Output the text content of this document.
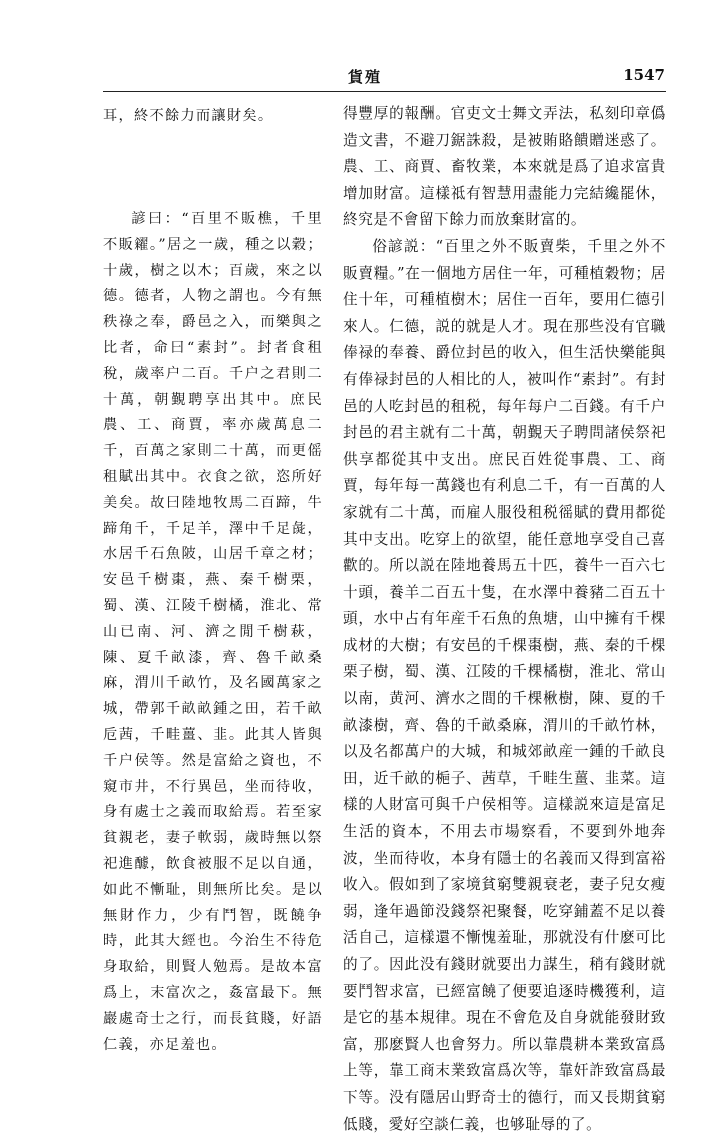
貨殖	1547

耳，終不餘力而讓財矣。

諺曰：“百里不販樵，千里不販糴。”居之一歲，種之以穀；十歲，樹之以木；百歲，來之以德。德者，人物之謂也。今有無秩祿之奉，爵邑之入，而樂與之比者，命曰“素封”。封者食租稅，歲率户二百。千户之君則二十萬，朝覲聘享出其中。庶民農、工、商賈，率亦歲萬息二千，百萬之家則二十萬，而更傜租賦出其中。衣食之欲，恣所好美矣。故曰陸地牧馬二百蹄，牛蹄角千，千足羊，澤中千足彘，水居千石魚陂，山居千章之材；安邑千樹棗，燕、秦千樹栗，蜀、漢、江陵千樹橘，淮北、常山已南、河、濟之閒千樹萩，陳、夏千畝漆，齊、魯千畝桑麻，渭川千畝竹，及名國萬家之城，帶郭千畝畝鍾之田，若千畝卮茜，千畦薑、韭。此其人皆與千户侯等。然是富給之資也，不窺市井，不行異邑，坐而待收，身有處士之義而取給焉。若至家貧親老，妻子軟弱，歲時無以祭祀進醵，飲食被服不足以自通，如此不慚耻，則無所比矣。是以無財作力，少有鬥智，既饒争時，此其大經也。今治生不待危身取給，則賢人勉焉。是故本富爲上，末富次之，姦富最下。無巖處奇士之行，而長貧賤，好語仁義，亦足羞也。

得豐厚的報酬。官吏文士舞文弄法，私刻印章僞造文書，不避刀鋸誅殺，是被賄賂饋贈迷惑了。農、工、商賈、畜牧業，本來就是爲了追求富貴增加財富。這樣祗有智慧用盡能力完結纔罷休，終究是不會留下餘力而放棄財富的。

俗諺説：“百里之外不販賣柴，千里之外不販賣糧。”在一個地方居住一年，可種植穀物；居住十年，可種植樹木；居住一百年，要用仁德引來人。仁德，説的就是人才。現在那些没有官職俸禄的奉養、爵位封邑的收入，但生活快樂能與有俸禄封邑的人相比的人，被叫作“素封”。有封邑的人吃封邑的租税，每年每户二百錢。有千户封邑的君主就有二十萬，朝覲天子聘問諸侯祭祀供享都從其中支出。庶民百姓從事農、工、商賈，每年每一萬錢也有利息二千，有一百萬的人家就有二十萬，而雇人服役租税徭賦的費用都從其中支出。吃穿上的欲望，能任意地享受自己喜歡的。所以説在陸地養馬五十匹，養牛一百六七十頭，養羊二百五十隻，在水澤中養豬二百五十頭，水中占有年産千石魚的魚塘，山中擁有千棵成材的大樹；有安邑的千棵棗樹，燕、秦的千棵栗子樹，蜀、漢、江陵的千棵橘樹，淮北、常山以南，黄河、濟水之間的千棵楸樹，陳、夏的千畝漆樹，齊、魯的千畝桑麻，渭川的千畝竹林，以及名都萬户的大城，和城郊畝産一鍾的千畝良田，近千畝的梔子、茜草，千畦生薑、韭菜。這樣的人財富可與千户侯相等。這樣説來這是富足生活的資本，不用去市場察看，不要到外地奔波，坐而待收，本身有隱士的名義而又得到富裕收入。假如到了家境貧窮雙親衰老，妻子兒女瘦弱，逢年過節没錢祭祀聚餐，吃穿鋪蓋不足以養活自己，這樣還不慚愧羞耻，那就没有什麽可比的了。因此没有錢財就要出力謀生，稍有錢財就要鬥智求富，已經富饒了便要追逐時機獲利，這是它的基本規律。現在不會危及自身就能發財致富，那麽賢人也會努力。所以靠農耕本業致富爲上等，靠工商末業致富爲次等，靠奸詐致富爲最下等。没有隱居山野奇士的德行，而又長期貧窮低賤，愛好空談仁義，也够耻辱的了。
